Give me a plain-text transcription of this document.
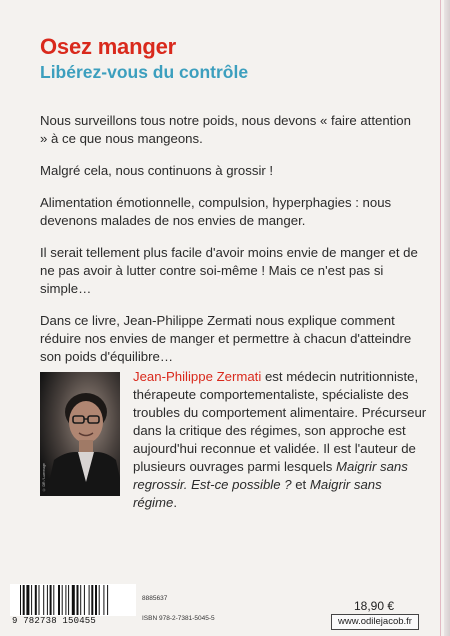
Osez manger
Libérez-vous du contrôle

Nous surveillons tous notre poids, nous devons « faire attention » à ce que nous mangeons.

Malgré cela, nous continuons à grossir !

Alimentation émotionnelle, compulsion, hyperphagies : nous devenons malades de nos envies de manger.

Il serait tellement plus facile d'avoir moins envie de manger et de ne pas avoir à lutter contre soi-même ! Mais ce n'est pas si simple…

Dans ce livre, Jean-Philippe Zermati nous explique comment réduire nos envies de manger et permettre à chacun d'atteindre son poids d'équilibre…

© DR / Lummage
Jean-Philippe Zermati est médecin nutritionniste, thérapeute comportementaliste, spécialiste des troubles du comportement alimentaire. Précurseur dans la critique des régimes, son approche est aujourd'hui reconnue et validée. Il est l'auteur de plusieurs ouvrages parmi lesquels Maigrir sans regrossir. Est-ce possible ? et Maigrir sans régime.
9 782738 150455
8885637
ISBN 978-2-7381-5045-5
18,90 €
www.odilejacob.fr
